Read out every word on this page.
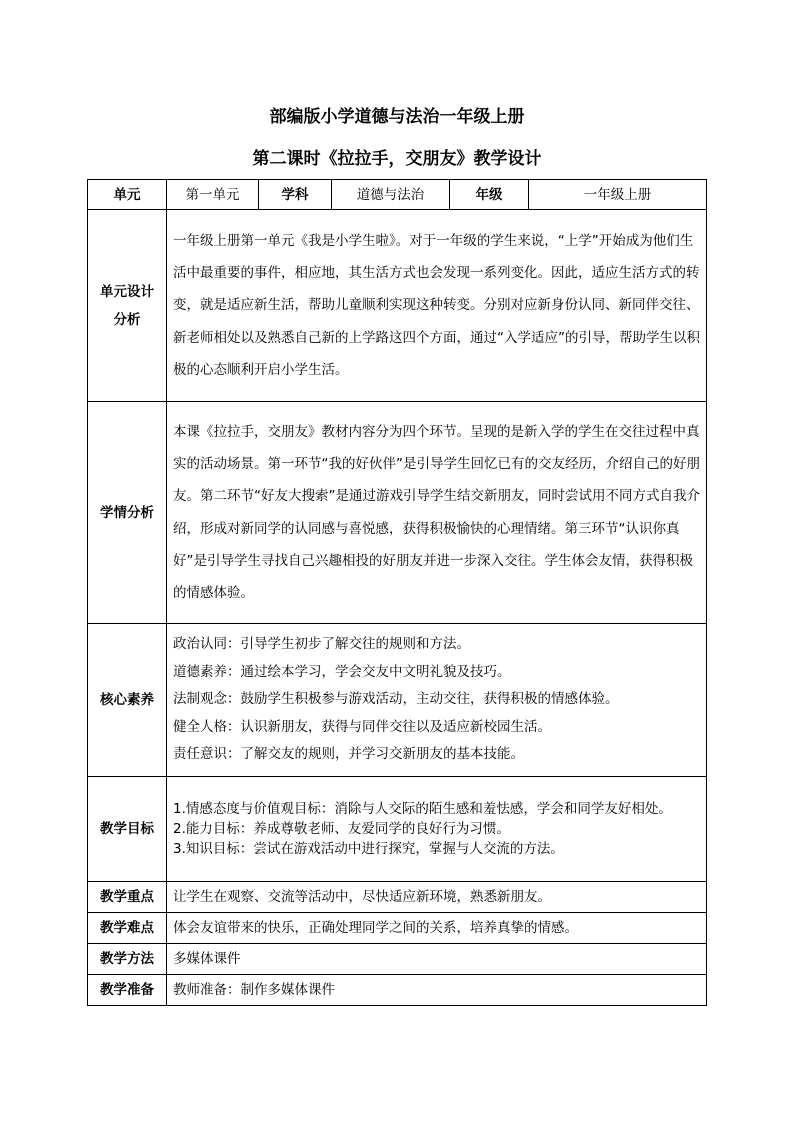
部编版小学道德与法治一年级上册
第二课时《拉拉手，交朋友》教学设计
单元	第一单元	学科	道德与法治	年级	一年级上册

单元设计
分析	一年级上册第一单元《我是小学生啦》。对于一年级的学生来说，“上学”开始成为他们生活中最重要的事件，相应地，其生活方式也会发现一系列变化。因此，适应生活方式的转变，就是适应新生活，帮助儿童顺利实现这种转变。分别对应新身份认同、新同伴交往、新老师相处以及熟悉自己新的上学路这四个方面，通过“入学适应”的引导，帮助学生以积极的心态顺利开启小学生活。				

学情分析	本课《拉拉手，交朋友》教材内容分为四个环节。呈现的是新入学的学生在交往过程中真实的活动场景。第一环节“我的好伙伴”是引导学生回忆已有的交友经历，介绍自己的好朋友。第二环节“好友大搜索”是通过游戏引导学生结交新朋友，同时尝试用不同方式自我介绍，形成对新同学的认同感与喜悦感，获得积极愉快的心理情绪。第三环节“认识你真好”是引导学生寻找自己兴趣相投的好朋友并进一步深入交往。学生体会友情，获得积极的情感体验。				

核心素养	政治认同：引导学生初步了解交往的规则和方法。
道德素养：通过绘本学习，学会交友中文明礼貌及技巧。
法制观念：鼓励学生积极参与游戏活动，主动交往，获得积极的情感体验。
健全人格：认识新朋友，获得与同伴交往以及适应新校园生活。
责任意识：了解交友的规则，并学习交新朋友的基本技能。				

教学目标	1.情感态度与价值观目标：消除与人交际的陌生感和羞怯感，学会和同学友好相处。
2.能力目标：养成尊敬老师、友爱同学的良好行为习惯。
3.知识目标：尝试在游戏活动中进行探究，掌握与人交流的方法。				

教学重点	让学生在观察、交流等活动中，尽快适应新环境，熟悉新朋友。				
教学难点	体会友谊带来的快乐，正确处理同学之间的关系，培养真挚的情感。				
教学方法	多媒体课件				
教学准备	教师准备：制作多媒体课件				
